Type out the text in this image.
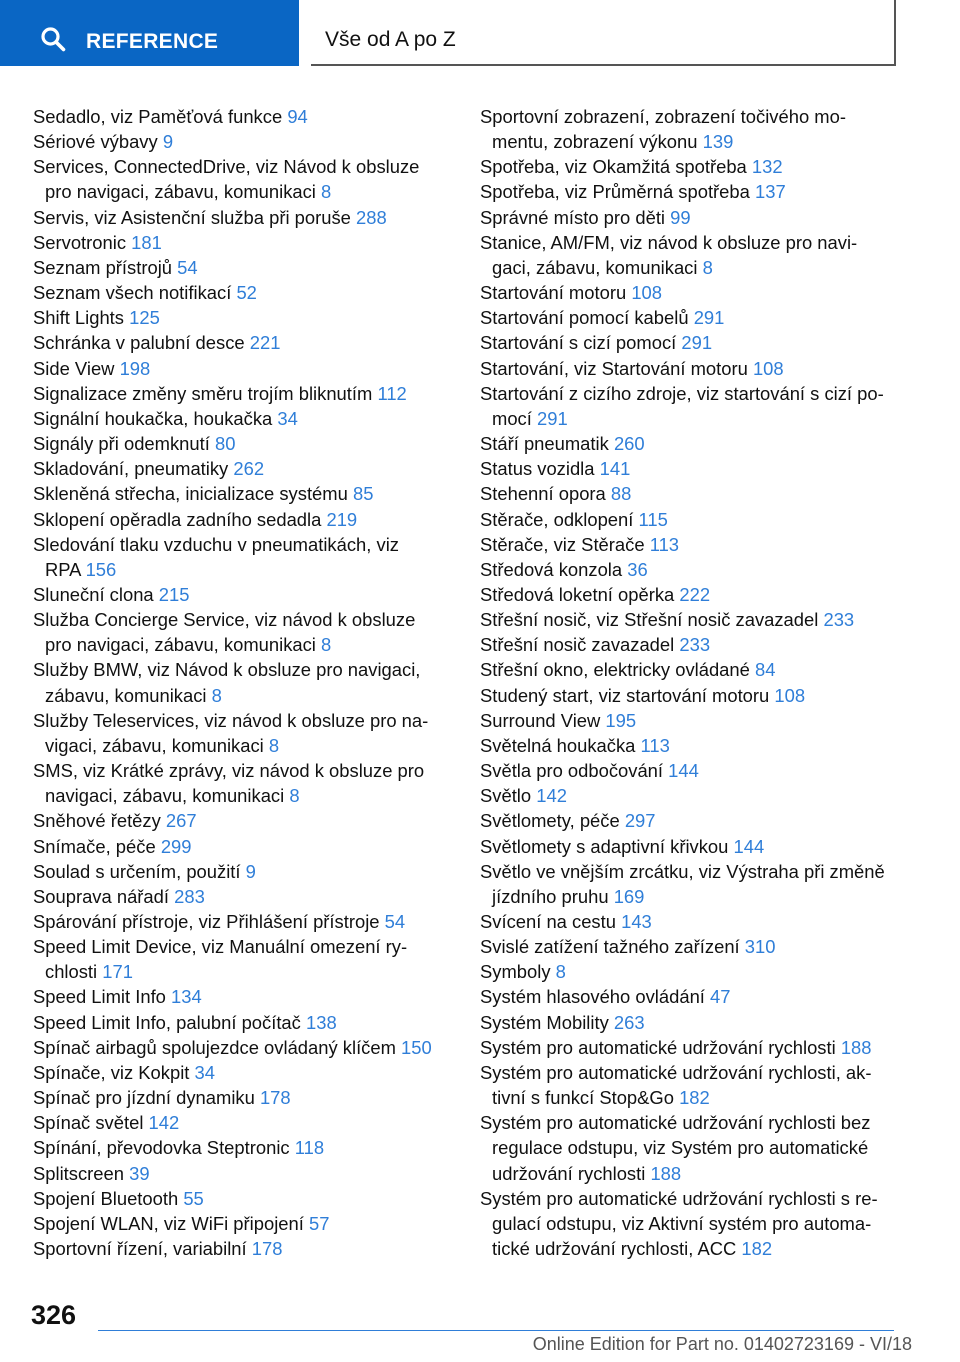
REFERENCE	Vše od A po Z
Sedadlo, viz Paměťová funkce 94
Sériové výbavy 9
Services, ConnectedDrive, viz Návod k obsluze
pro navigaci, zábavu, komunikaci 8
Servis, viz Asistenční služba při poruše 288
Servotronic 181
Seznam přístrojů 54
Seznam všech notifikací 52
Shift Lights 125
Schránka v palubní desce 221
Side View 198
Signalizace změny směru trojím bliknutím 112
Signální houkačka, houkačka 34
Signály při odemknutí 80
Skladování, pneumatiky 262
Skleněná střecha, inicializace systému 85
Sklopení opěradla zadního sedadla 219
Sledování tlaku vzduchu v pneumatikách, viz
RPA 156
Sluneční clona 215
Služba Concierge Service, viz návod k obsluze
pro navigaci, zábavu, komunikaci 8
Služby BMW, viz Návod k obsluze pro navigaci,
zábavu, komunikaci 8
Služby Teleservices, viz návod k obsluze pro na-
vigaci, zábavu, komunikaci 8
SMS, viz Krátké zprávy, viz návod k obsluze pro
navigaci, zábavu, komunikaci 8
Sněhové řetězy 267
Snímače, péče 299
Soulad s určením, použití 9
Souprava nářadí 283
Spárování přístroje, viz Přihlášení přístroje 54
Speed Limit Device, viz Manuální omezení ry-
chlosti 171
Speed Limit Info 134
Speed Limit Info, palubní počítač 138
Spínač airbagů spolujezdce ovládaný klíčem 150
Spínače, viz Kokpit 34
Spínač pro jízdní dynamiku 178
Spínač světel 142
Spínání, převodovka Steptronic 118
Splitscreen 39
Spojení Bluetooth 55
Spojení WLAN, viz WiFi připojení 57
Sportovní řízení, variabilní 178
Sportovní zobrazení, zobrazení točivého mo-
mentu, zobrazení výkonu 139
Spotřeba, viz Okamžitá spotřeba 132
Spotřeba, viz Průměrná spotřeba 137
Správné místo pro děti 99
Stanice, AM/FM, viz návod k obsluze pro navi-
gaci, zábavu, komunikaci 8
Startování motoru 108
Startování pomocí kabelů 291
Startování s cizí pomocí 291
Startování, viz Startování motoru 108
Startování z cizího zdroje, viz startování s cizí po-
mocí 291
Stáří pneumatik 260
Status vozidla 141
Stehenní opora 88
Stěrače, odklopení 115
Stěrače, viz Stěrače 113
Středová konzola 36
Středová loketní opěrka 222
Střešní nosič, viz Střešní nosič zavazadel 233
Střešní nosič zavazadel 233
Střešní okno, elektricky ovládané 84
Studený start, viz startování motoru 108
Surround View 195
Světelná houkačka 113
Světla pro odbočování 144
Světlo 142
Světlomety, péče 297
Světlomety s adaptivní křivkou 144
Světlo ve vnějším zrcátku, viz Výstraha při změně
jízdního pruhu 169
Svícení na cestu 143
Svislé zatížení tažného zařízení 310
Symboly 8
Systém hlasového ovládání 47
Systém Mobility 263
Systém pro automatické udržování rychlosti 188
Systém pro automatické udržování rychlosti, ak-
tivní s funkcí Stop&Go 182
Systém pro automatické udržování rychlosti bez
regulace odstupu, viz Systém pro automatické
udržování rychlosti 188
Systém pro automatické udržování rychlosti s re-
gulací odstupu, viz Aktivní systém pro automa-
tické udržování rychlosti, ACC 182
326
Online Edition for Part no. 01402723169 - VI/18
